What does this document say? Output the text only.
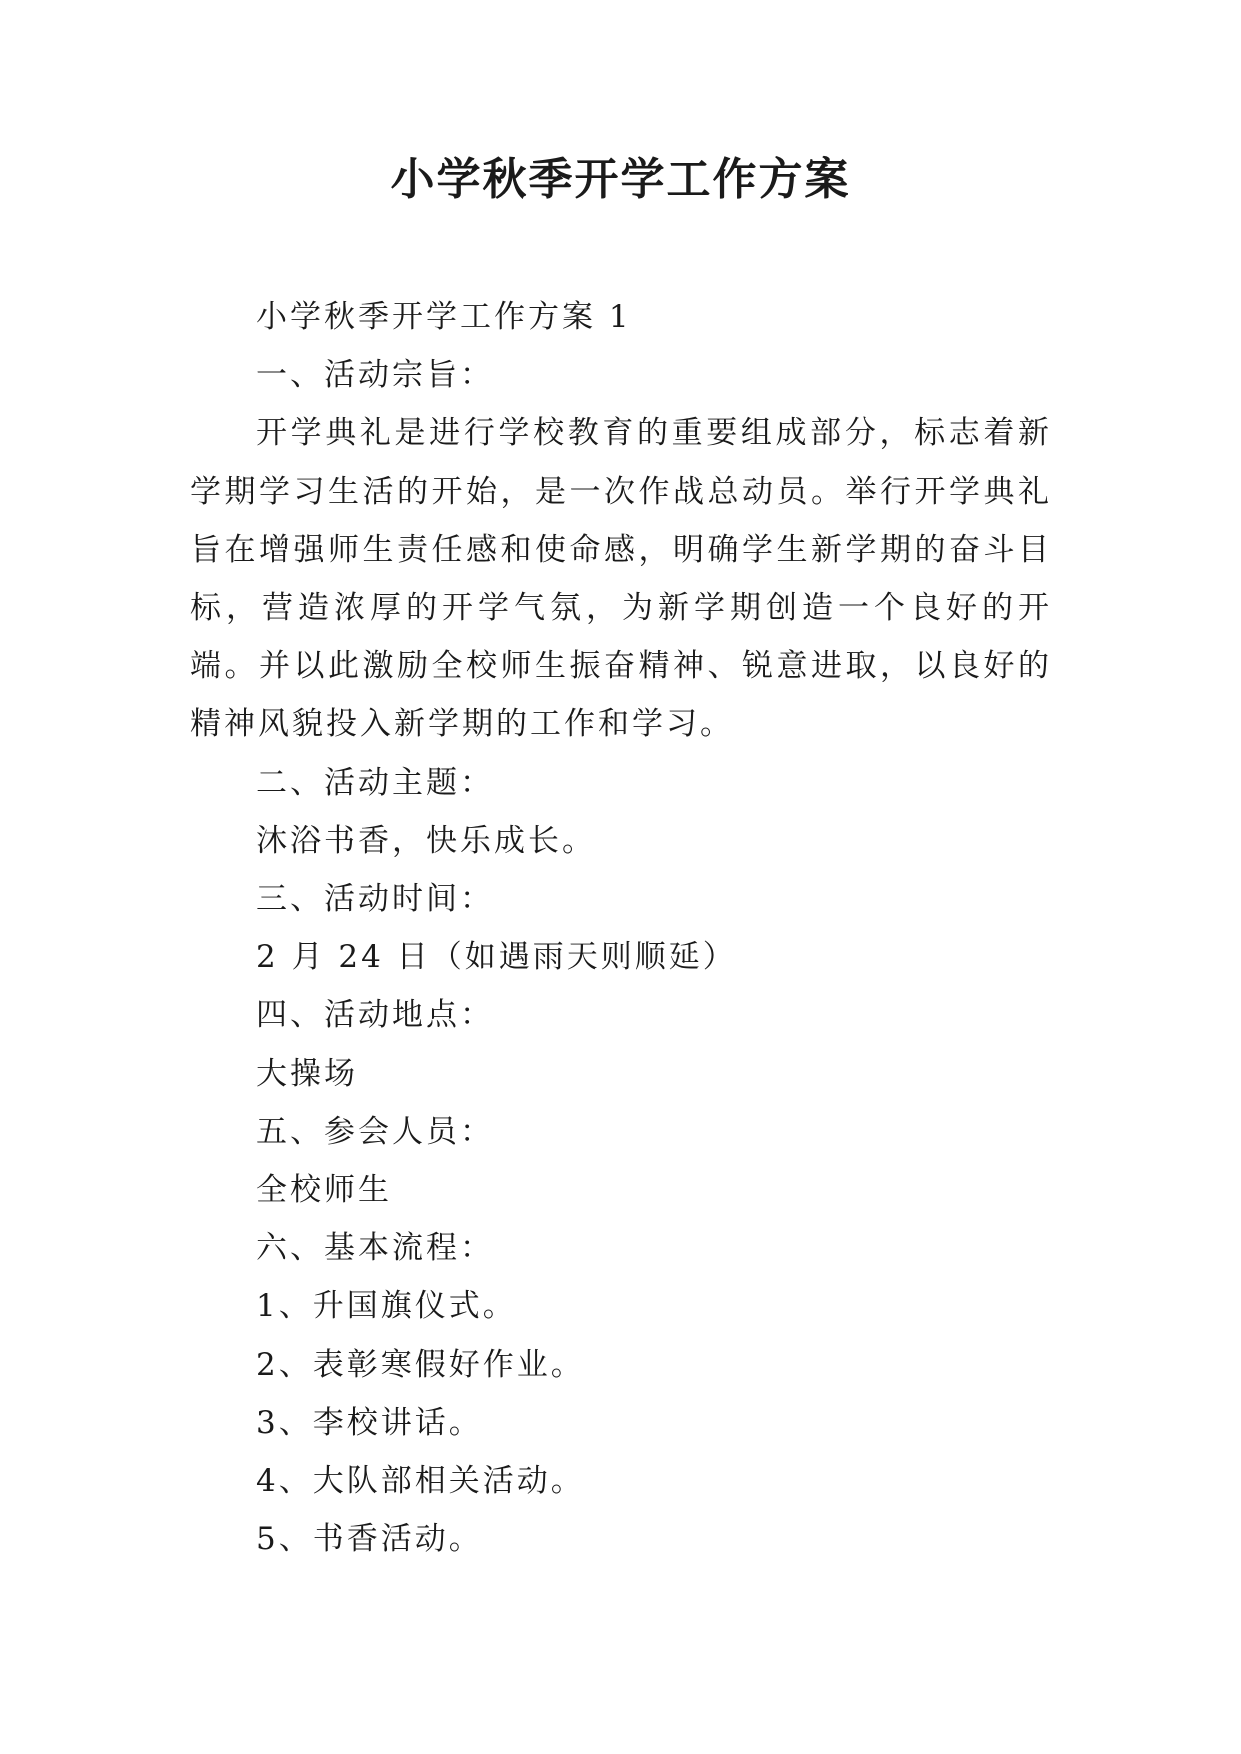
小学秋季开学工作方案

小学秋季开学工作方案 1

一、活动宗旨：

开学典礼是进行学校教育的重要组成部分，标志着新学期学习生活的开始，是一次作战总动员。举行开学典礼旨在增强师生责任感和使命感，明确学生新学期的奋斗目标，营造浓厚的开学气氛，为新学期创造一个良好的开端。并以此激励全校师生振奋精神、锐意进取，以良好的精神风貌投入新学期的工作和学习。

二、活动主题：

沐浴书香，快乐成长。

三、活动时间：

2 月 24 日（如遇雨天则顺延）

四、活动地点：

大操场

五、参会人员：

全校师生

六、基本流程：

1、升国旗仪式。

2、表彰寒假好作业。

3、李校讲话。

4、大队部相关活动。

5、书香活动。
